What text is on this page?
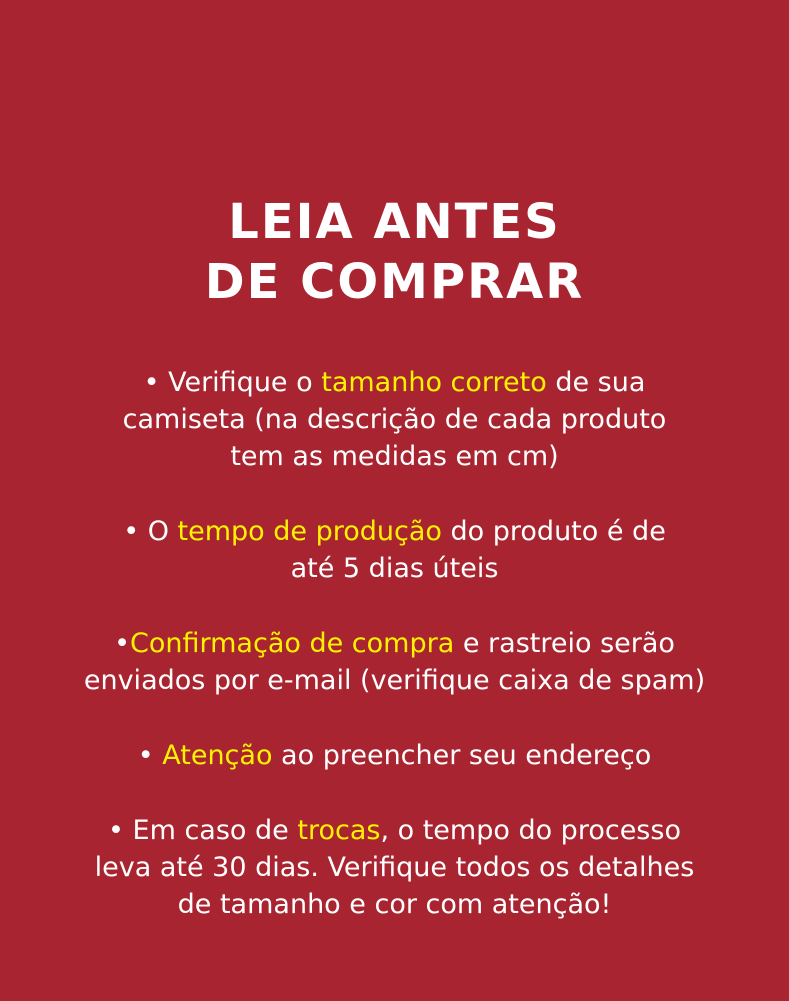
LEIA ANTES
DE COMPRAR

• Verifique o tamanho correto de sua
camiseta (na descrição de cada produto
tem as medidas em cm)

• O tempo de produção do produto é de
até 5 dias úteis

•Confirmação de compra e rastreio serão
enviados por e-mail (verifique caixa de spam)

• Atenção ao preencher seu endereço

• Em caso de trocas, o tempo do processo
leva até 30 dias. Verifique todos os detalhes
de tamanho e cor com atenção!
